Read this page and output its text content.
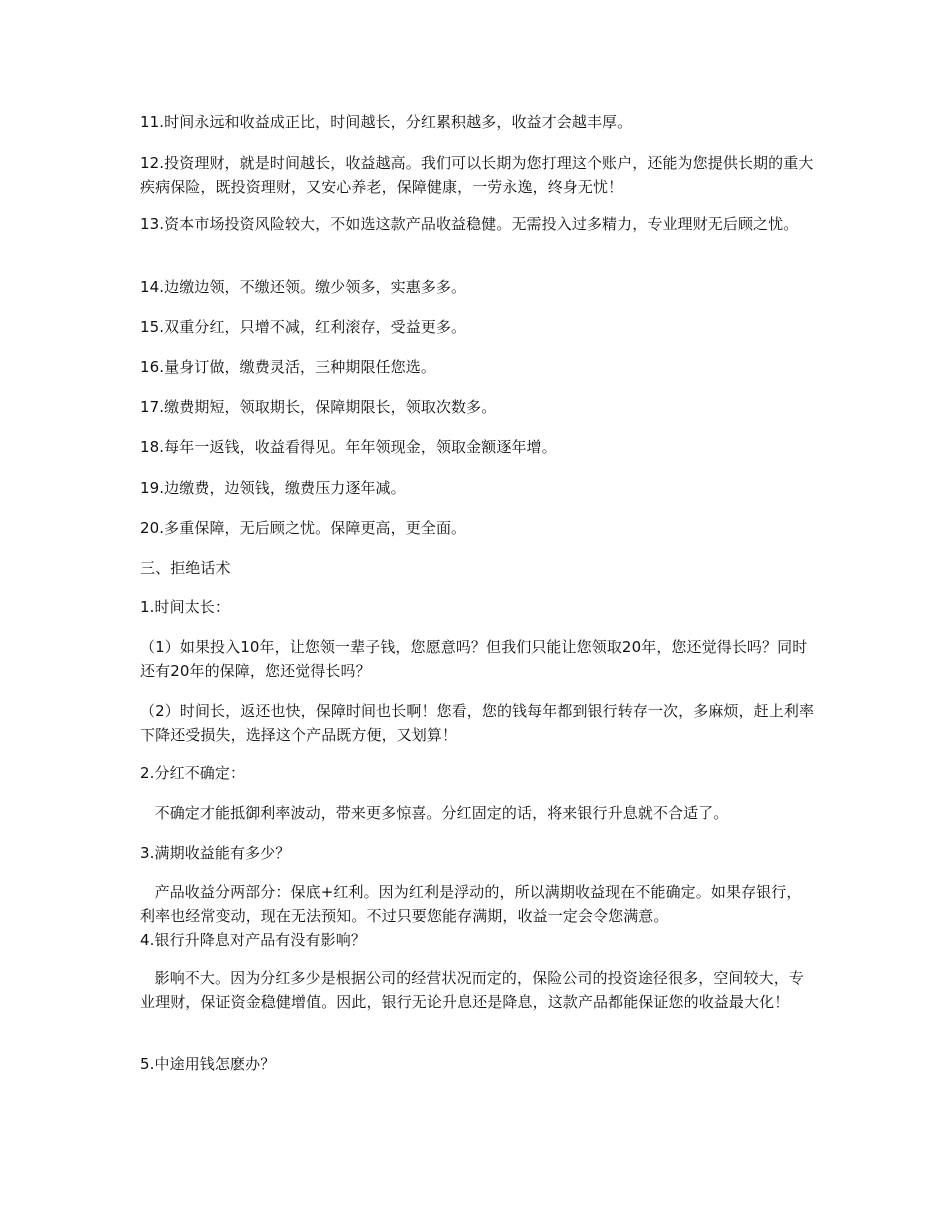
11.时间永远和收益成正比，时间越长，分红累积越多，收益才会越丰厚。

12.投资理财，就是时间越长，收益越高。我们可以长期为您打理这个账户，还能为您提供长期的重大疾病保险，既投资理财，又安心养老，保障健康，一劳永逸，终身无忧！

13.资本市场投资风险较大，不如选这款产品收益稳健。无需投入过多精力，专业理财无后顾之忧。

14.边缴边领，不缴还领。缴少领多，实惠多多。

15.双重分红，只增不减，红利滚存，受益更多。

16.量身订做，缴费灵活，三种期限任您选。

17.缴费期短，领取期长，保障期限长，领取次数多。

18.每年一返钱，收益看得见。年年领现金，领取金额逐年增。

19.边缴费，边领钱，缴费压力逐年减。

20.多重保障，无后顾之忧。保障更高，更全面。

三、拒绝话术

1.时间太长：

（1）如果投入10年，让您领一辈子钱，您愿意吗？但我们只能让您领取20年，您还觉得长吗？同时还有20年的保障，您还觉得长吗？

（2）时间长，返还也快，保障时间也长啊！您看，您的钱每年都到银行转存一次，多麻烦，赶上利率下降还受损失，选择这个产品既方便，又划算！

2.分红不确定：

不确定才能抵御利率波动，带来更多惊喜。分红固定的话，将来银行升息就不合适了。

3.满期收益能有多少？

产品收益分两部分：保底+红利。因为红利是浮动的，所以满期收益现在不能确定。如果存银行，利率也经常变动，现在无法预知。不过只要您能存满期，收益一定会令您满意。

4.银行升降息对产品有没有影响？

影响不大。因为分红多少是根据公司的经营状况而定的，保险公司的投资途径很多，空间较大，专业理财，保证资金稳健增值。因此，银行无论升息还是降息，这款产品都能保证您的收益最大化！

5.中途用钱怎麽办？
